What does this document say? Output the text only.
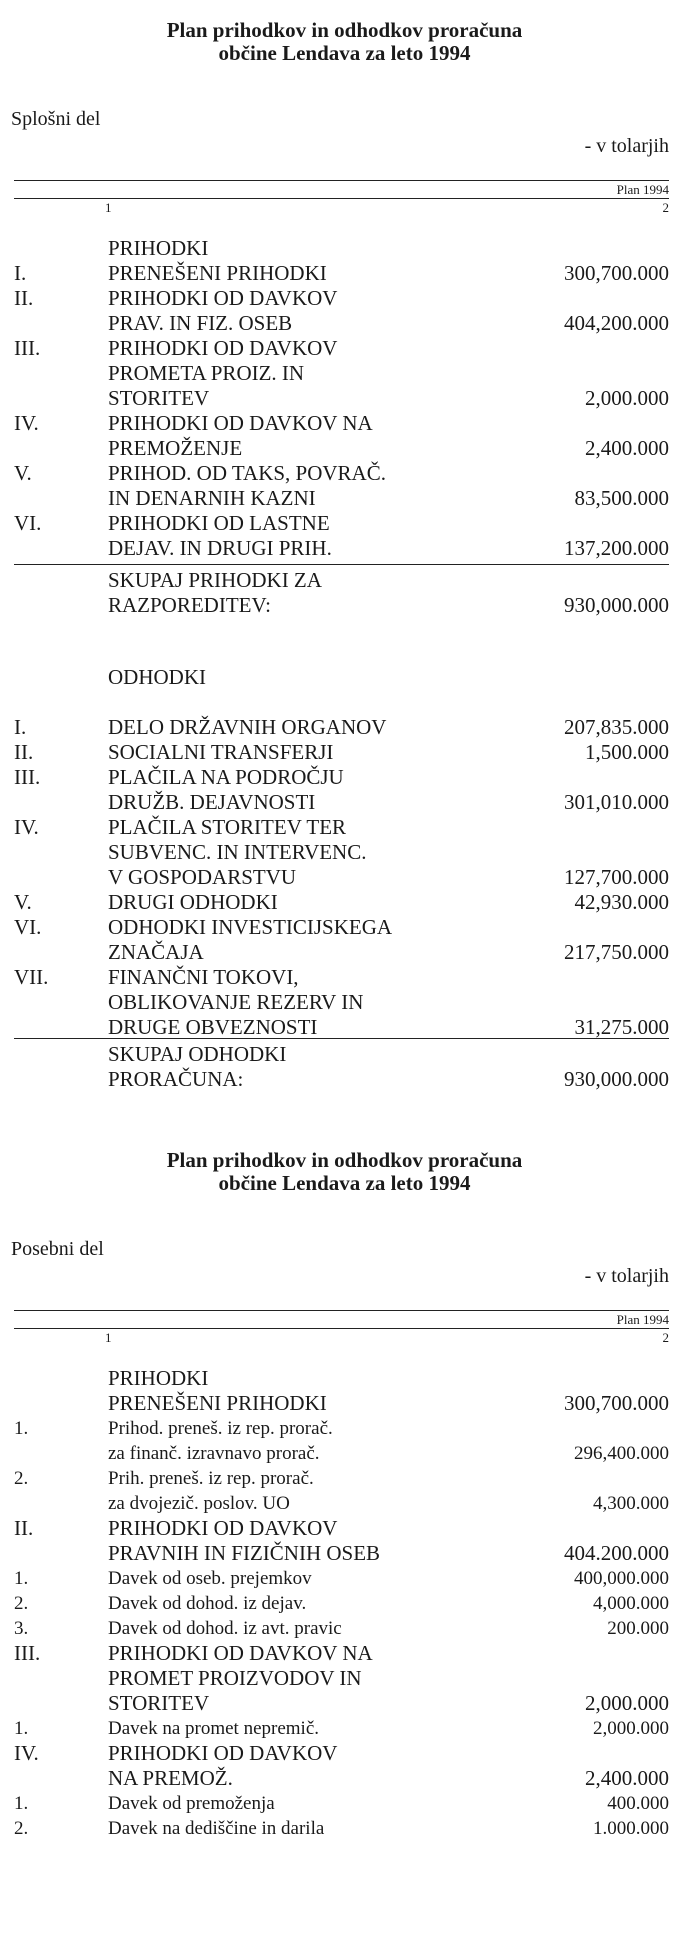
Plan prihodkov in odhodkov proračuna
občine Lendava za leto 1994
Splošni del
- v tolarjih
Plan 1994
1	2
PRIHODKI
I.	PRENEŠENI PRIHODKI	300,700.000
II.	PRIHODKI OD DAVKOV
PRAV. IN FIZ. OSEB	404,200.000
III.	PRIHODKI OD DAVKOV
PROMETA PROIZ. IN
STORITEV	2,000.000
IV.	PRIHODKI OD DAVKOV NA
PREMOŽENJE	2,400.000
V.	PRIHOD. OD TAKS, POVRAČ.
IN DENARNIH KAZNI	83,500.000
VI.	PRIHODKI OD LASTNE
DEJAV. IN DRUGI PRIH.	137,200.000
SKUPAJ PRIHODKI ZA
RAZPOREDITEV:	930,000.000
ODHODKI
I.	DELO DRŽAVNIH ORGANOV	207,835.000
II.	SOCIALNI TRANSFERJI	1,500.000
III.	PLAČILA NA PODROČJU
DRUŽB. DEJAVNOSTI	301,010.000
IV.	PLAČILA STORITEV TER
SUBVENC. IN INTERVENC.
V GOSPODARSTVU	127,700.000
V.	DRUGI ODHODKI	42,930.000
VI.	ODHODKI INVESTICIJSKEGA
ZNAČAJA	217,750.000
VII.	FINANČNI TOKOVI,
OBLIKOVANJE REZERV IN
DRUGE OBVEZNOSTI	31,275.000
SKUPAJ ODHODKI
PRORAČUNA:	930,000.000
Plan prihodkov in odhodkov proračuna
občine Lendava za leto 1994
Posebni del
- v tolarjih
Plan 1994
1	2
PRIHODKI
PRENEŠENI PRIHODKI	300,700.000
1.	Prihod. preneš. iz rep. prorač.
za finanč. izravnavo prorač.	296,400.000
2.	Prih. preneš. iz rep. prorač.
za dvojezič. poslov. UO	4,300.000
II.	PRIHODKI OD DAVKOV
PRAVNIH IN FIZIČNIH OSEB	404.200.000
1.	Davek od oseb. prejemkov	400,000.000
2.	Davek od dohod. iz dejav.	4,000.000
3.	Davek od dohod. iz avt. pravic	200.000
III.	PRIHODKI OD DAVKOV NA
PROMET PROIZVODOV IN
STORITEV	2,000.000
1.	Davek na promet nepremič.	2,000.000
IV.	PRIHODKI OD DAVKOV
NA PREMOŽ.	2,400.000
1.	Davek od premoženja	400.000
2.	Davek na dediščine in darila	1.000.000
